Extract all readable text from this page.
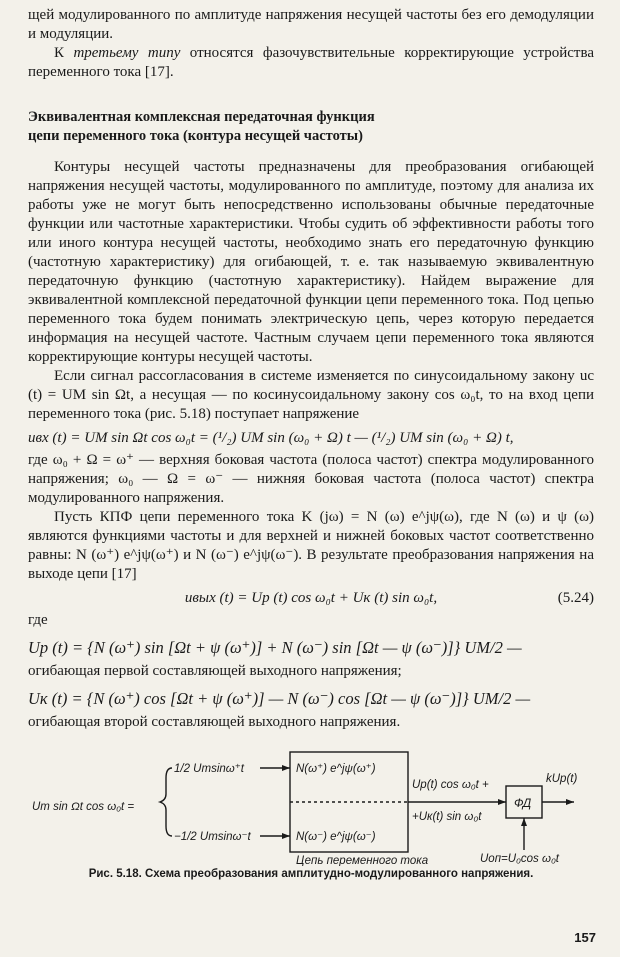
щей модулированного по амплитуде напряжения несущей частоты без его демодуляции и модуляции.

К третьему типу относятся фазочувствительные корректирующие устройства переменного тока [17].

Эквивалентная комплексная передаточная функция
цепи переменного тока (контура несущей частоты)

Контуры несущей частоты предназначены для преобразования огибающей напряжения несущей частоты, модулированного по амплитуде, поэтому для анализа их работы уже не могут быть непосредственно использованы обычные передаточные функции или частотные характеристики. Чтобы судить об эффективности работы того или иного контура несущей частоты, необходимо знать его передаточную функцию (частотную характеристику) для огибающей, т. е. так называемую эквивалентную передаточную функцию (частотную характеристику). Найдем выражение для эквивалентной комплексной передаточной функции цепи переменного тока. Под цепью переменного тока будем понимать электрическую цепь, через которую передается информация на несущей частоте. Частным случаем цепи переменного тока являются корректирующие контуры несущей частоты.

Если сигнал рассогласования в системе изменяется по синусоидальному закону uс (t) = UМ sin Ωt, а несущая — по косинусоидальному закону cos ω₀t, то на вход цепи переменного тока (рис. 5.18) поступает напряжение

uвх (t) = UМ sin Ωt cos ω₀t = (¹/₂) UМ sin (ω₀ + Ω) t — (¹/₂) UМ sin (ω₀ + Ω) t,

где ω₀ + Ω = ω⁺ — верхняя боковая частота (полоса частот) спектра модулированного напряжения; ω₀ — Ω = ω⁻ — нижняя боковая частота (полоса частот) спектра модулированного напряжения.

Пусть КПФ цепи переменного тока K (jω) = N (ω) e^jψ(ω), где N (ω) и ψ (ω) являются функциями частоты и для верхней и нижней боковых частот соответственно равны: N (ω⁺) e^jψ(ω⁺) и N (ω⁻) e^jψ(ω⁻). В результате преобразования напряжения на выходе цепи [17]

uвых (t) = Uр (t) cos ω₀t + Uк (t) sin ω₀t,	(5.24)

где

Uр (t) = {N (ω⁺) sin [Ωt + ψ (ω⁺)] + N (ω⁻) sin [Ωt — ψ (ω⁻)]} UМ/2 —

огибающая первой составляющей выходного напряжения;

Uк (t) = {N (ω⁺) cos [Ωt + ψ (ω⁺)] — N (ω⁻) cos [Ωt — ψ (ω⁻)]} UМ/2 —

огибающая второй составляющей выходного напряжения.

Um sin Ωt cos ω₀t =
1/2 Umsinω⁺t
−1/2 Umsinω⁻t
N(ω⁺) e^jψ(ω⁺)
N(ω⁻) e^jψ(ω⁻)
Цепь переменного тока
Uр(t) cos ω₀t +
+Uк(t) sin ω₀t
ФД
kUр(t)
Uоп=U₀cos ω₀t
Рис. 5.18. Схема преобразования амплитудно-модулированного напряжения.
157
